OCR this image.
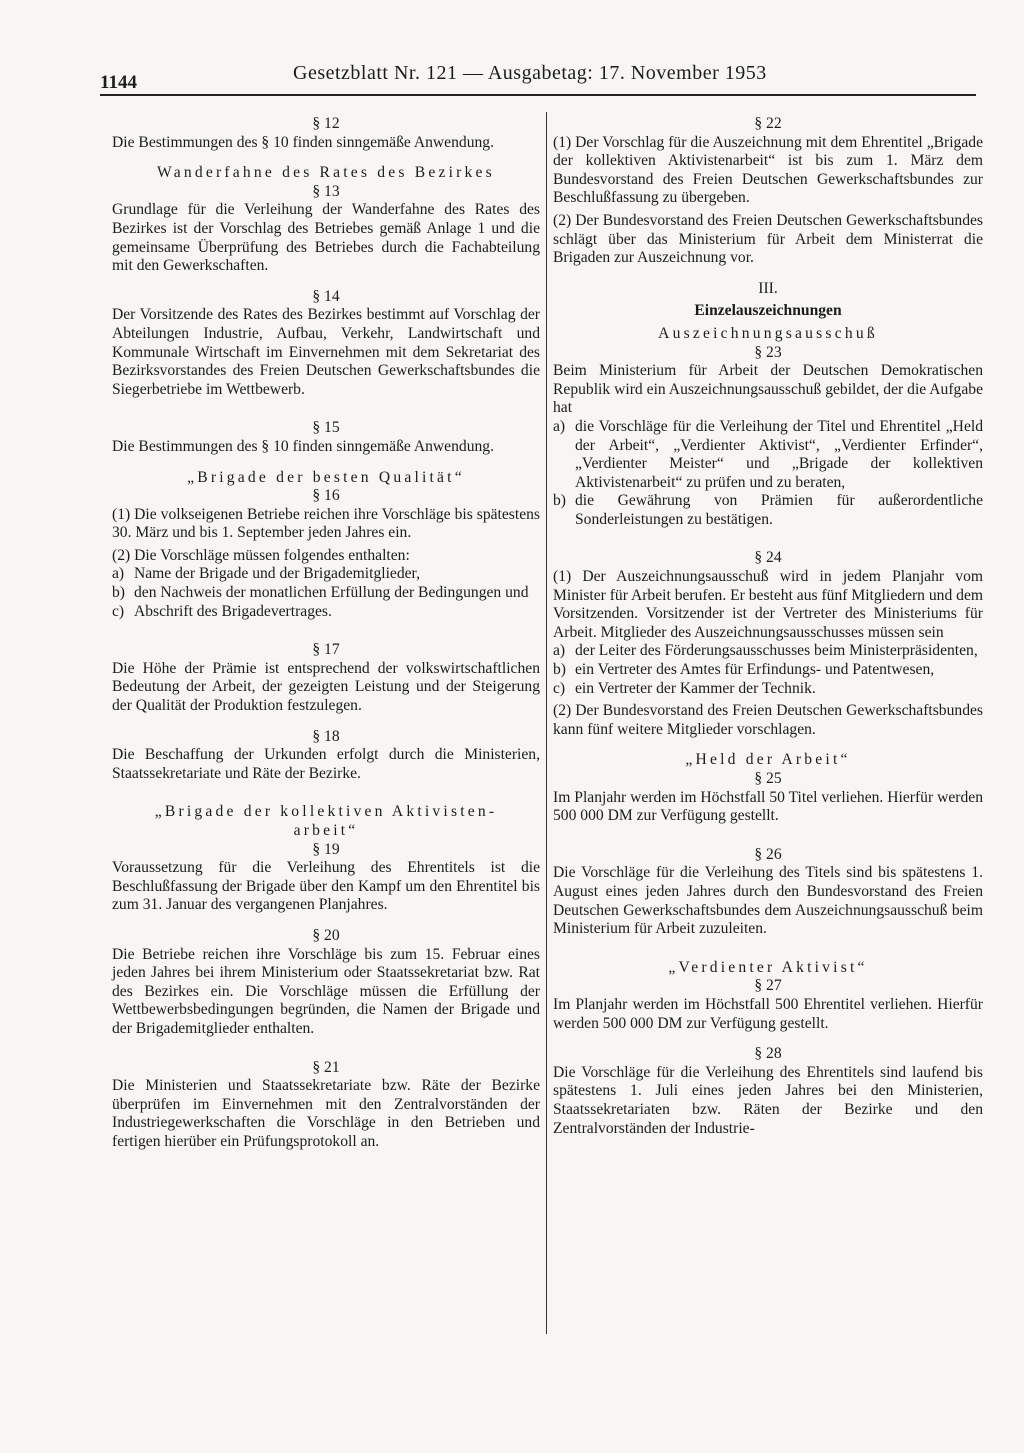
1144	Gesetzblatt Nr. 121 — Ausgabetag: 17. November 1953
§ 12
Die Bestimmungen des § 10 finden sinngemäße Anwendung.
Wanderfahne des Rates des Bezirkes
§ 13
Grundlage für die Verleihung der Wanderfahne des Rates des Bezirkes ist der Vorschlag des Betriebes gemäß Anlage 1 und die gemeinsame Überprüfung des Betriebes durch die Fachabteilung mit den Gewerkschaften.
§ 14
Der Vorsitzende des Rates des Bezirkes bestimmt auf Vorschlag der Abteilungen Industrie, Aufbau, Verkehr, Landwirtschaft und Kommunale Wirtschaft im Einvernehmen mit dem Sekretariat des Bezirksvorstandes des Freien Deutschen Gewerkschaftsbundes die Siegerbetriebe im Wettbewerb.
§ 15
Die Bestimmungen des § 10 finden sinngemäße Anwendung.
„Brigade der besten Qualität“
§ 16
(1) Die volkseigenen Betriebe reichen ihre Vorschläge bis spätestens 30. März und bis 1. September jeden Jahres ein.
(2) Die Vorschläge müssen folgendes enthalten:
a) Name der Brigade und der Brigademitglieder,
b) den Nachweis der monatlichen Erfüllung der Bedingungen und
c) Abschrift des Brigadevertrages.
§ 17
Die Höhe der Prämie ist entsprechend der volkswirtschaftlichen Bedeutung der Arbeit, der gezeigten Leistung und der Steigerung der Qualität der Produktion festzulegen.
§ 18
Die Beschaffung der Urkunden erfolgt durch die Ministerien, Staatssekretariate und Räte der Bezirke.
„Brigade der kollektiven Aktivisten-
arbeit“
§ 19
Voraussetzung für die Verleihung des Ehrentitels ist die Beschlußfassung der Brigade über den Kampf um den Ehrentitel bis zum 31. Januar des vergangenen Planjahres.
§ 20
Die Betriebe reichen ihre Vorschläge bis zum 15. Februar eines jeden Jahres bei ihrem Ministerium oder Staatssekretariat bzw. Rat des Bezirkes ein. Die Vorschläge müssen die Erfüllung der Wettbewerbsbedingungen begründen, die Namen der Brigade und der Brigademitglieder enthalten.
§ 21
Die Ministerien und Staatssekretariate bzw. Räte der Bezirke überprüfen im Einvernehmen mit den Zentralvorständen der Industriegewerkschaften die Vorschläge in den Betrieben und fertigen hierüber ein Prüfungsprotokoll an.
§ 22
(1) Der Vorschlag für die Auszeichnung mit dem Ehrentitel „Brigade der kollektiven Aktivistenarbeit“ ist bis zum 1. März dem Bundesvorstand des Freien Deutschen Gewerkschaftsbundes zur Beschlußfassung zu übergeben.
(2) Der Bundesvorstand des Freien Deutschen Gewerkschaftsbundes schlägt über das Ministerium für Arbeit dem Ministerrat die Brigaden zur Auszeichnung vor.
III.
Einzelauszeichnungen
Auszeichnungsausschuß
§ 23
Beim Ministerium für Arbeit der Deutschen Demokratischen Republik wird ein Auszeichnungsausschuß gebildet, der die Aufgabe hat
a) die Vorschläge für die Verleihung der Titel und Ehrentitel „Held der Arbeit“, „Verdienter Aktivist“, „Verdienter Erfinder“, „Verdienter Meister“ und „Brigade der kollektiven Aktivistenarbeit“ zu prüfen und zu beraten,
b) die Gewährung von Prämien für außerordentliche Sonderleistungen zu bestätigen.
§ 24
(1) Der Auszeichnungsausschuß wird in jedem Planjahr vom Minister für Arbeit berufen. Er besteht aus fünf Mitgliedern und dem Vorsitzenden. Vorsitzender ist der Vertreter des Ministeriums für Arbeit. Mitglieder des Auszeichnungsausschusses müssen sein
a) der Leiter des Förderungsausschusses beim Ministerpräsidenten,
b) ein Vertreter des Amtes für Erfindungs- und Patentwesen,
c) ein Vertreter der Kammer der Technik.
(2) Der Bundesvorstand des Freien Deutschen Gewerkschaftsbundes kann fünf weitere Mitglieder vorschlagen.
„Held der Arbeit“
§ 25
Im Planjahr werden im Höchstfall 50 Titel verliehen. Hierfür werden 500 000 DM zur Verfügung gestellt.
§ 26
Die Vorschläge für die Verleihung des Titels sind bis spätestens 1. August eines jeden Jahres durch den Bundesvorstand des Freien Deutschen Gewerkschaftsbundes dem Auszeichnungsausschuß beim Ministerium für Arbeit zuzuleiten.
„Verdienter Aktivist“
§ 27
Im Planjahr werden im Höchstfall 500 Ehrentitel verliehen. Hierfür werden 500 000 DM zur Verfügung gestellt.
§ 28
Die Vorschläge für die Verleihung des Ehrentitels sind laufend bis spätestens 1. Juli eines jeden Jahres bei den Ministerien, Staatssekretariaten bzw. Räten der Bezirke und den Zentralvorständen der Industrie-
